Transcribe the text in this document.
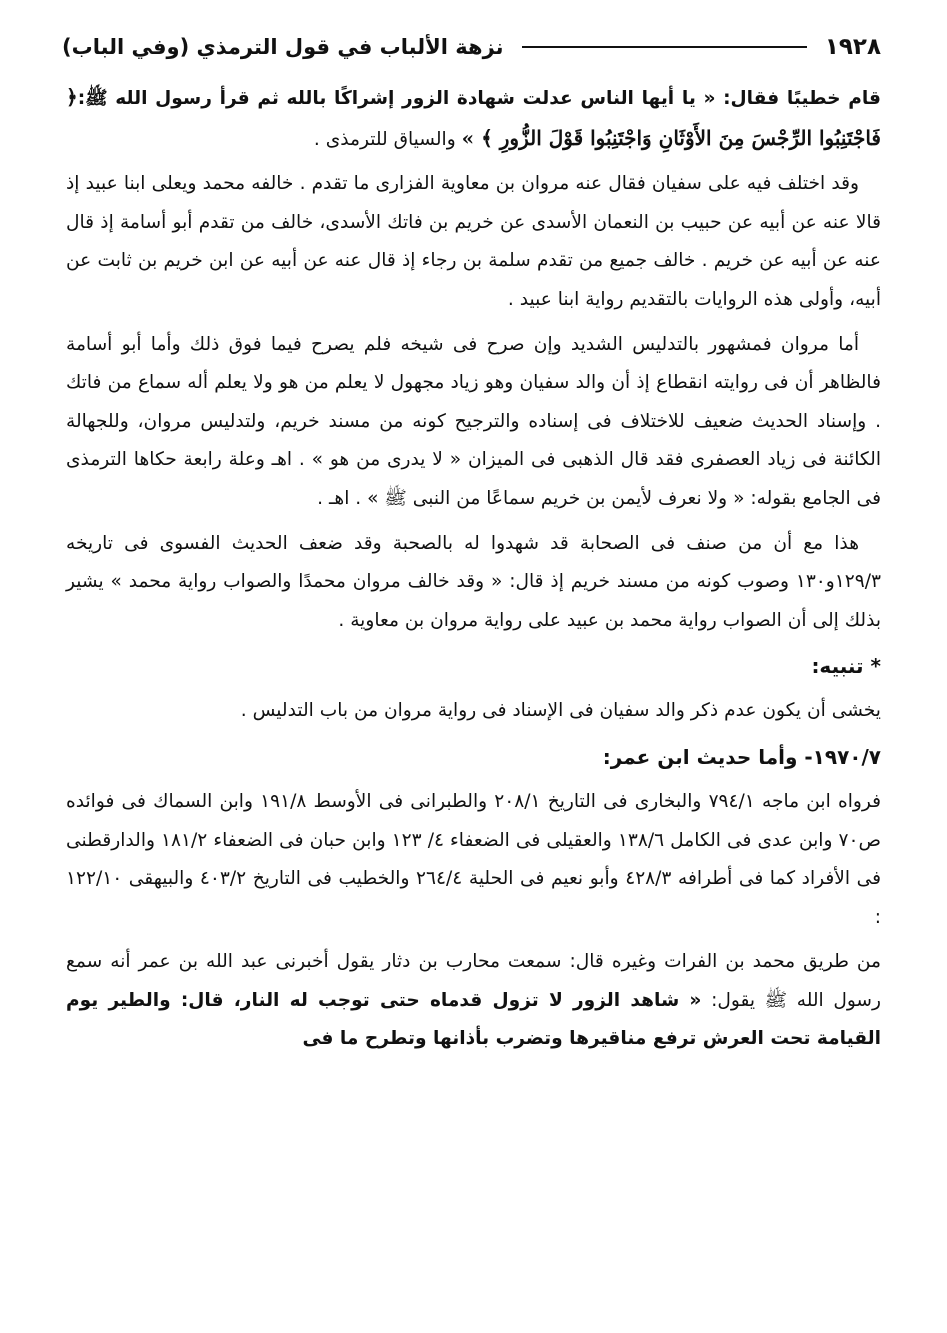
نزهة الألباب في قول الترمذي (وفي الباب)	١٩٢٨

قام خطيبًا فقال: « يا أيها الناس عدلت شهادة الزور إشراكًا بالله ثم قرأ رسول الله ﷺ:﴿ فَاجْتَنِبُوا الرِّجْسَ مِنَ الأَوْثَانِ وَاجْتَنِبُوا قَوْلَ الزُّورِ ﴾ » والسياق للترمذى .

وقد اختلف فيه على سفيان فقال عنه مروان بن معاوية الفزارى ما تقدم . خالفه محمد ويعلى ابنا عبيد إذ قالا عنه عن أبيه عن حبيب بن النعمان الأسدى عن خريم بن فاتك الأسدى، خالف من تقدم أبو أسامة إذ قال عنه عن أبيه عن خريم . خالف جميع من تقدم سلمة بن رجاء إذ قال عنه عن أبيه عن ابن خريم بن ثابت عن أبيه، وأولى هذه الروايات بالتقديم رواية ابنا عبيد .

أما مروان فمشهور بالتدليس الشديد وإن صرح فى شيخه فلم يصرح فيما فوق ذلك وأما أبو أسامة فالظاهر أن فى روايته انقطاع إذ أن والد سفيان وهو زياد مجهول لا يعلم من هو ولا يعلم أله سماع من فاتك . وإسناد الحديث ضعيف للاختلاف فى إسناده والترجيح كونه من مسند خريم، ولتدليس مروان، وللجهالة الكائنة فى زياد العصفرى فقد قال الذهبى فى الميزان « لا يدرى من هو » . اهـ وعلة رابعة حكاها الترمذى فى الجامع بقوله: « ولا نعرف لأيمن بن خريم سماعًا من النبى ﷺ » . اهـ .

هذا مع أن من صنف فى الصحابة قد شهدوا له بالصحبة وقد ضعف الحديث الفسوى فى تاريخه ١٢٩/٣و١٣٠ وصوب كونه من مسند خريم إذ قال: « وقد خالف مروان محمدًا والصواب رواية محمد » يشير بذلك إلى أن الصواب رواية محمد بن عبيد على رواية مروان بن معاوية .

* تنبيه:

يخشى أن يكون عدم ذكر والد سفيان فى الإسناد فى رواية مروان من باب التدليس .

١٩٧٠/٧- وأما حديث ابن عمر:

فرواه ابن ماجه ٧٩٤/١ والبخارى فى التاريخ ٢٠٨/١ والطبرانى فى الأوسط ١٩١/٨ وابن السماك فى فوائده ص٧٠ وابن عدى فى الكامل ١٣٨/٦ والعقيلى فى الضعفاء ٤/ ١٢٣ وابن حبان فى الضعفاء ١٨١/٢ والدارقطنى فى الأفراد كما فى أطرافه ٤٢٨/٣ وأبو نعيم فى الحلية ٢٦٤/٤ والخطيب فى التاريخ ٤٠٣/٢ والبيهقى ١٢٢/١٠ :

من طريق محمد بن الفرات وغيره قال: سمعت محارب بن دثار يقول أخبرنى عبد الله بن عمر أنه سمع رسول الله ﷺ يقول: « شاهد الزور لا تزول قدماه حتى توجب له النار، قال: والطير يوم القيامة تحت العرش ترفع مناقيرها وتضرب بأذانها وتطرح ما فى
